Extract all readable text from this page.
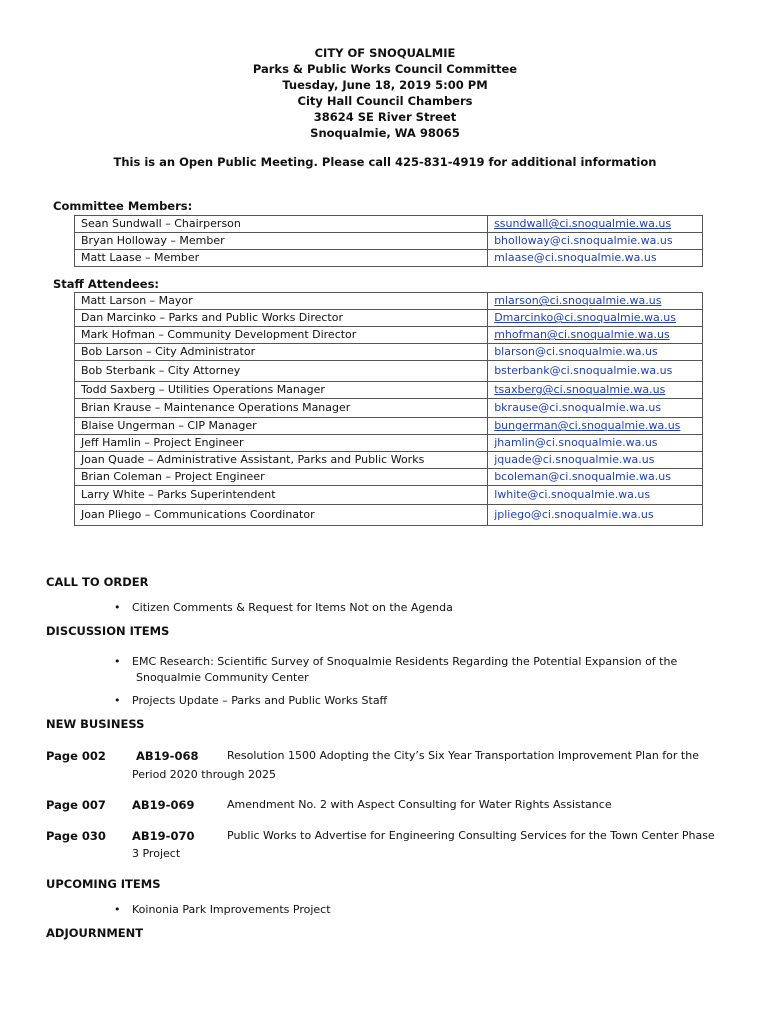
CITY OF SNOQUALMIE
Parks & Public Works Council Committee
Tuesday, June 18, 2019 5:00 PM
City Hall Council Chambers
38624 SE River Street
Snoqualmie, WA 98065
This is an Open Public Meeting. Please call 425-831-4919 for additional information
Committee Members:
Sean Sundwall – Chairperson	ssundwall@ci.snoqualmie.wa.us
Bryan Holloway – Member	bholloway@ci.snoqualmie.wa.us
Matt Laase – Member	mlaase@ci.snoqualmie.wa.us
Staff Attendees:
Matt Larson – Mayor	mlarson@ci.snoqualmie.wa.us
Dan Marcinko – Parks and Public Works Director	Dmarcinko@ci.snoqualmie.wa.us
Mark Hofman – Community Development Director	mhofman@ci.snoqualmie.wa.us
Bob Larson – City Administrator	blarson@ci.snoqualmie.wa.us
Bob Sterbank – City Attorney	bsterbank@ci.snoqualmie.wa.us
Todd Saxberg – Utilities Operations Manager	tsaxberg@ci.snoqualmie.wa.us
Brian Krause – Maintenance Operations Manager	bkrause@ci.snoqualmie.wa.us
Blaise Ungerman – CIP Manager	bungerman@ci.snoqualmie.wa.us
Jeff Hamlin – Project Engineer	jhamlin@ci.snoqualmie.wa.us
Joan Quade – Administrative Assistant, Parks and Public Works	jquade@ci.snoqualmie.wa.us
Brian Coleman – Project Engineer	bcoleman@ci.snoqualmie.wa.us
Larry White – Parks Superintendent	lwhite@ci.snoqualmie.wa.us
Joan Pliego – Communications Coordinator	jpliego@ci.snoqualmie.wa.us
CALL TO ORDER
• Citizen Comments & Request for Items Not on the Agenda
DISCUSSION ITEMS
• EMC Research: Scientific Survey of Snoqualmie Residents Regarding the Potential Expansion of the
Snoqualmie Community Center
• Projects Update – Parks and Public Works Staff
NEW BUSINESS
Page 002	AB19-068	Resolution 1500 Adopting the City’s Six Year Transportation Improvement Plan for the
Period 2020 through 2025
Page 007 AB19-069	Amendment No. 2 with Aspect Consulting for Water Rights Assistance
Page 030 AB19-070	Public Works to Advertise for Engineering Consulting Services for the Town Center Phase
3 Project
UPCOMING ITEMS
• Koinonia Park Improvements Project
ADJOURNMENT
